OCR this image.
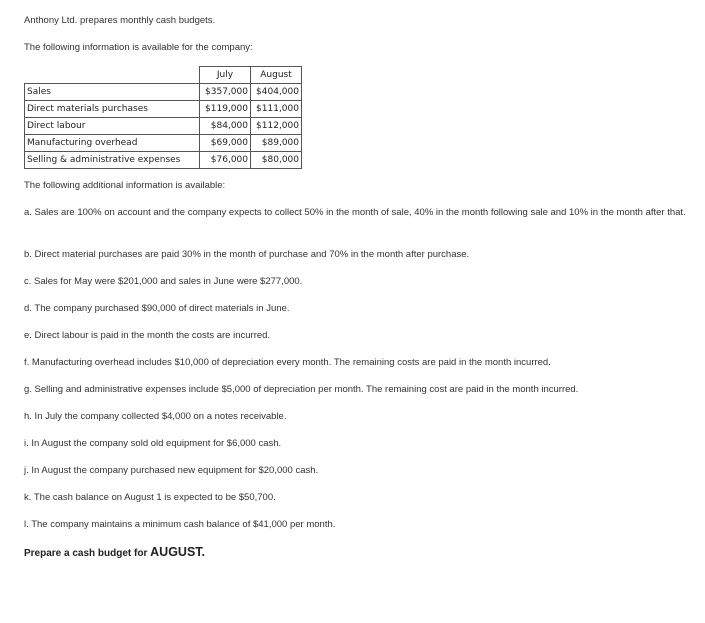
Anthony Ltd. prepares monthly cash budgets.
The following information is available for the company:
	July	August
Sales	$357,000	$404,000
Direct materials purchases	$119,000	$111,000
Direct labour	$84,000	$112,000
Manufacturing overhead	$69,000	$89,000
Selling & administrative expenses	$76,000	$80,000
The following additional information is available:
a. Sales are 100% on account and the company expects to collect 50% in the month of sale, 40% in the month following sale and 10% in the month after that.
b. Direct material purchases are paid 30% in the month of purchase and 70% in the month after purchase.
c. Sales for May were $201,000 and sales in June were $277,000.
d. The company purchased $90,000 of direct materials in June.
e. Direct labour is paid in the month the costs are incurred.
f. Manufacturing overhead includes $10,000 of depreciation every month. The remaining costs are paid in the month incurred.
g. Selling and administrative expenses include $5,000 of depreciation per month. The remaining cost are paid in the month incurred.
h. In July the company collected $4,000 on a notes receivable.
i. In August the company sold old equipment for $6,000 cash.
j. In August the company purchased new equipment for $20,000 cash.
k. The cash balance on August 1 is expected to be $50,700.
l. The company maintains a minimum cash balance of $41,000 per month.
Prepare a cash budget for AUGUST.
